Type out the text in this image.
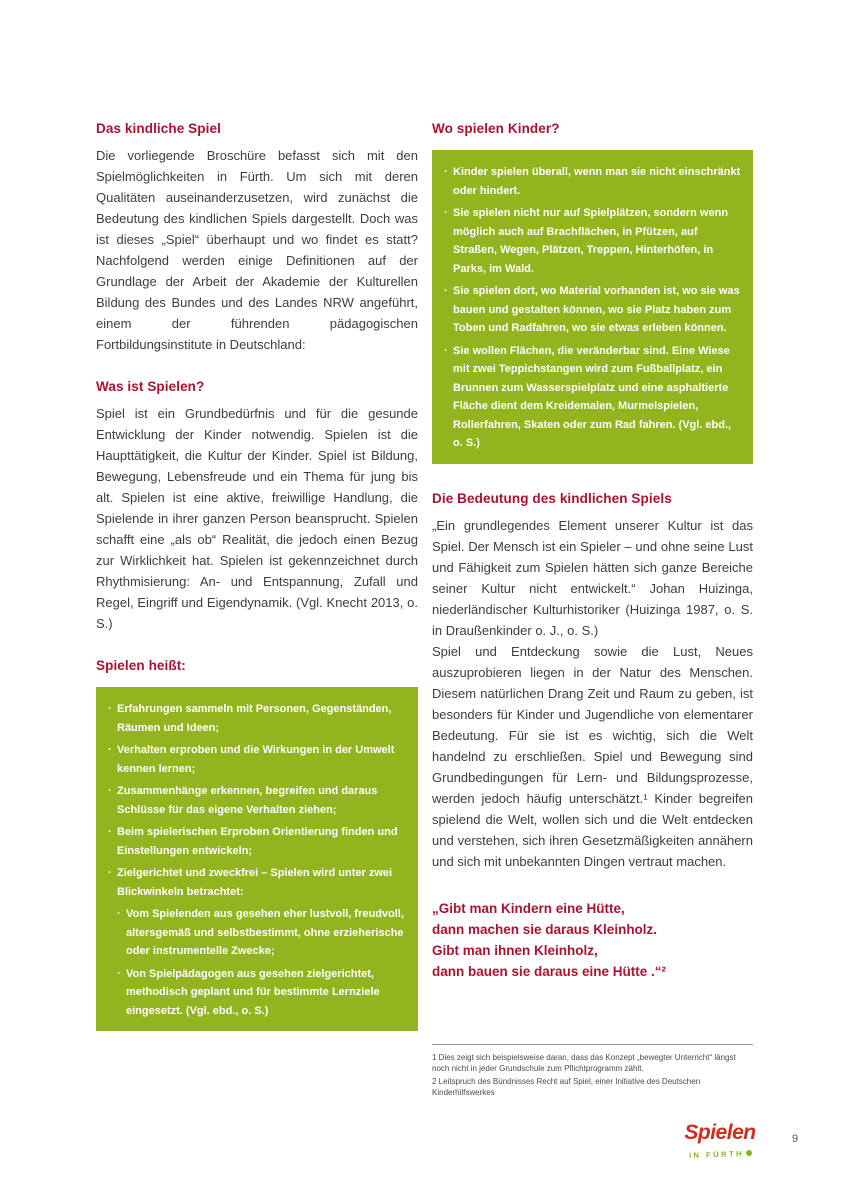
Das kindliche Spiel

Die vorliegende Broschüre befasst sich mit den Spielmöglichkeiten in Fürth. Um sich mit deren Qualitäten auseinanderzusetzen, wird zunächst die Bedeutung des kindlichen Spiels dargestellt. Doch was ist dieses „Spiel“ überhaupt und wo findet es statt? Nachfolgend werden einige Definitionen auf der Grundlage der Arbeit der Akademie der Kulturellen Bildung des Bundes und des Landes NRW angeführt, einem der führenden pädagogischen Fortbildungsinstitute in Deutschland:

Was ist Spielen?

Spiel ist ein Grundbedürfnis und für die gesunde Entwicklung der Kinder notwendig. Spielen ist die Haupttätigkeit, die Kultur der Kinder. Spiel ist Bildung, Bewegung, Lebensfreude und ein Thema für jung bis alt. Spielen ist eine aktive, freiwillige Handlung, die Spielende in ihrer ganzen Person beansprucht. Spielen schafft eine „als ob“ Realität, die jedoch einen Bezug zur Wirklichkeit hat. Spielen ist gekennzeichnet durch Rhythmisierung: An- und Entspannung, Zufall und Regel, Eingriff und Eigendynamik. (Vgl. Knecht 2013, o. S.)

Spielen heißt:
· Erfahrungen sammeln mit Personen, Gegenständen, Räumen und Ideen;
· Verhalten erproben und die Wirkungen in der Umwelt kennen lernen;
· Zusammenhänge erkennen, begreifen und daraus Schlüsse für das eigene Verhalten ziehen;
· Beim spielerischen Erproben Orientierung finden und Einstellungen entwickeln;
· Zielgerichtet und zweckfrei – Spielen wird unter zwei Blickwinkeln betrachtet:
· Vom Spielenden aus gesehen eher lustvoll, freudvoll, altersgemäß und selbstbestimmt, ohne erzieherische oder instrumentelle Zwecke;
· Von Spielpädagogen aus gesehen zielgerichtet, methodisch geplant und für bestimmte Lernziele eingesetzt. (Vgl. ebd., o. S.)
Wo spielen Kinder?
· Kinder spielen überall, wenn man sie nicht einschränkt oder hindert.
· Sie spielen nicht nur auf Spielplätzen, sondern wenn möglich auch auf Brachflächen, in Pfützen, auf Straßen, Wegen, Plätzen, Treppen, Hinterhöfen, in Parks, im Wald.
· Sie spielen dort, wo Material vorhanden ist, wo sie was bauen und gestalten können, wo sie Platz haben zum Toben und Radfahren, wo sie etwas erleben können.
· Sie wollen Flächen, die veränderbar sind. Eine Wiese mit zwei Teppichstangen wird zum Fußballplatz, ein Brunnen zum Wasserspielplatz und eine asphaltierte Fläche dient dem Kreidemalen, Murmelspielen, Rollerfahren, Skaten oder zum Rad fahren. (Vgl. ebd., o. S.)
Die Bedeutung des kindlichen Spiels

„Ein grundlegendes Element unserer Kultur ist das Spiel. Der Mensch ist ein Spieler – und ohne seine Lust und Fähigkeit zum Spielen hätten sich ganze Bereiche seiner Kultur nicht entwickelt.“ Johan Huizinga, niederländischer Kulturhistoriker (Huizinga 1987, o. S. in Draußenkinder o. J., o. S.)

Spiel und Entdeckung sowie die Lust, Neues auszuprobieren liegen in der Natur des Menschen. Diesem natürlichen Drang Zeit und Raum zu geben, ist besonders für Kinder und Jugendliche von elementarer Bedeutung. Für sie ist es wichtig, sich die Welt handelnd zu erschließen. Spiel und Bewegung sind Grundbedingungen für Lern- und Bildungsprozesse, werden jedoch häufig unterschätzt.¹ Kinder begreifen spielend die Welt, wollen sich und die Welt entdecken und verstehen, sich ihren Gesetzmäßigkeiten annähern und sich mit unbekannten Dingen vertraut machen.

„Gibt man Kindern eine Hütte,
dann machen sie daraus Kleinholz.
Gibt man ihnen Kleinholz,
dann bauen sie daraus eine Hütte .“²
1 Dies zeigt sich beispielsweise daran, dass das Konzept „bewegter Unterricht“ längst noch nicht in jeder Grundschule zum Pflichtprogramm zählt.
2 Leitspruch des Bündnisses Recht auf Spiel, einer Initiative des Deutschen Kinderhilfswerkes
Spielen
IN FÜRTH
9
